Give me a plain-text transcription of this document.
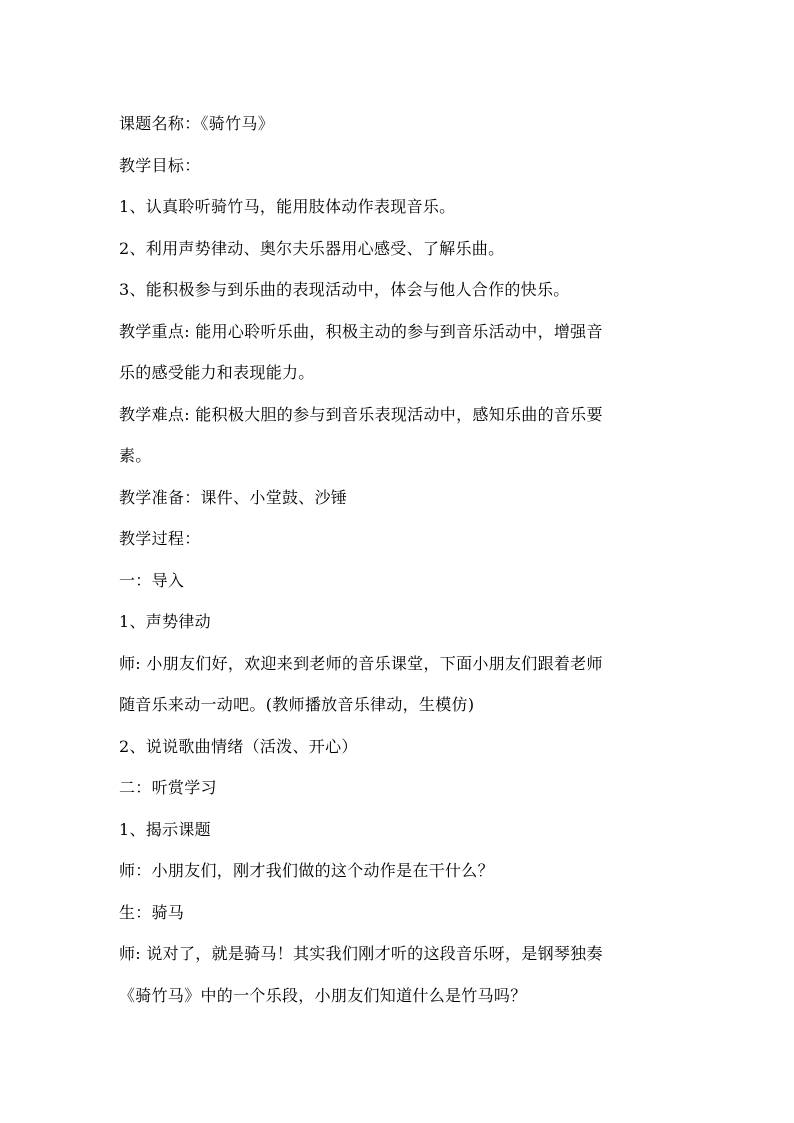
课题名称：《骑竹马》
教学目标：
1、认真聆听骑竹马，能用肢体动作表现音乐。
2、利用声势律动、奥尔夫乐器用心感受、了解乐曲。
3、能积极参与到乐曲的表现活动中，体会与他人合作的快乐。
教学重点: 能用心聆听乐曲，积极主动的参与到音乐活动中，增强音
乐的感受能力和表现能力。
教学难点: 能积极大胆的参与到音乐表现活动中，感知乐曲的音乐要
素。
教学准备：课件、小堂鼓、沙锤
教学过程：
一：导入
1、声势律动
师: 小朋友们好，欢迎来到老师的音乐课堂，下面小朋友们跟着老师
随音乐来动一动吧。(教师播放音乐律动，生模仿)
2、说说歌曲情绪（活泼、开心）
二：听赏学习
1、揭示课题
师：小朋友们，刚才我们做的这个动作是在干什么？
生：骑马
师: 说对了，就是骑马！其实我们刚才听的这段音乐呀，是钢琴独奏
《骑竹马》中的一个乐段，小朋友们知道什么是竹马吗？
